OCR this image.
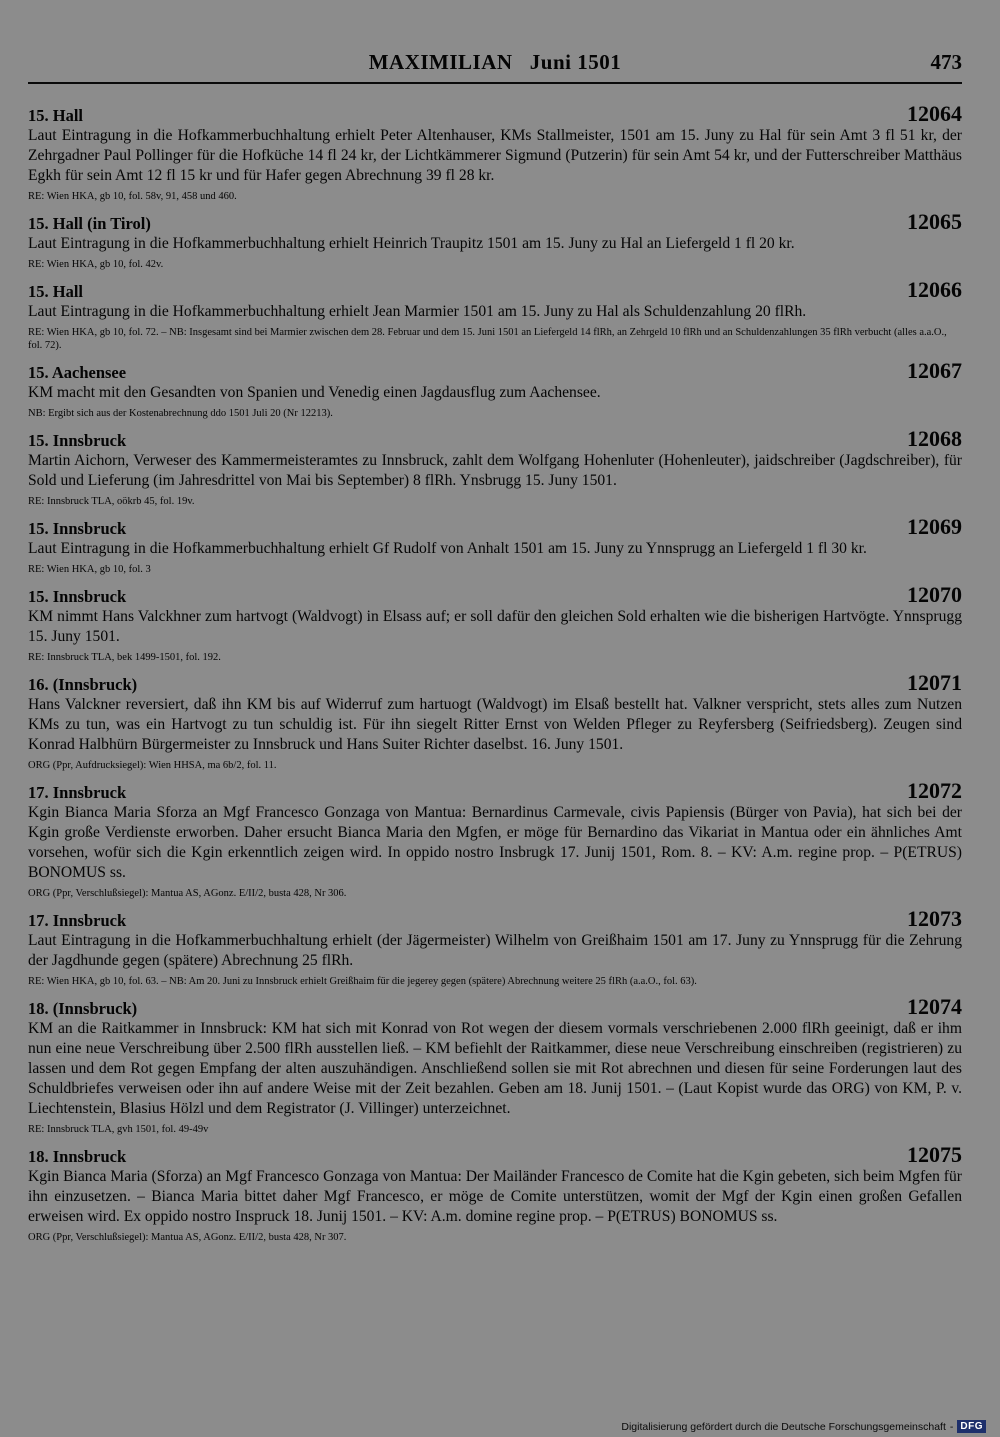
MAXIMILIAN   Juni 1501	473
15. Hall	12064
Laut Eintragung in die Hofkammerbuchhaltung erhielt Peter Altenhauser, KMs Stallmeister, 1501 am 15. Juny zu Hal für sein Amt 3 fl 51 kr, der Zehrgadner Paul Pollinger für die Hofküche 14 fl 24 kr, der Lichtkämmerer Sigmund (Putzerin) für sein Amt 54 kr, und der Futterschreiber Matthäus Egkh für sein Amt 12 fl 15 kr und für Hafer gegen Abrechnung 39 fl 28 kr.
RE: Wien HKA, gb 10, fol. 58v, 91, 458 und 460.
15. Hall (in Tirol)	12065
Laut Eintragung in die Hofkammerbuchhaltung erhielt Heinrich Traupitz 1501 am 15. Juny zu Hal an Liefergeld 1 fl 20 kr.
RE: Wien HKA, gb 10, fol. 42v.
15. Hall	12066
Laut Eintragung in die Hofkammerbuchhaltung erhielt Jean Marmier 1501 am 15. Juny zu Hal als Schuldenzahlung 20 flRh.
RE: Wien HKA, gb 10, fol. 72. – NB: Insgesamt sind bei Marmier zwischen dem 28. Februar und dem 15. Juni 1501 an Liefergeld 14 flRh, an Zehrgeld 10 flRh und an Schuldenzahlungen 35 flRh verbucht (alles a.a.O., fol. 72).
15. Aachensee	12067
KM macht mit den Gesandten von Spanien und Venedig einen Jagdausflug zum Aachensee.
NB: Ergibt sich aus der Kostenabrechnung ddo 1501 Juli 20 (Nr 12213).
15. Innsbruck	12068
Martin Aichorn, Verweser des Kammermeisteramtes zu Innsbruck, zahlt dem Wolfgang Hohenluter (Hohenleuter), jaidschreiber (Jagdschreiber), für Sold und Lieferung (im Jahresdrittel von Mai bis September) 8 flRh. Ynsbrugg 15. Juny 1501.
RE: Innsbruck TLA, oökrb 45, fol. 19v.
15. Innsbruck	12069
Laut Eintragung in die Hofkammerbuchhaltung erhielt Gf Rudolf von Anhalt 1501 am 15. Juny zu Ynnsprugg an Liefergeld 1 fl 30 kr.
RE: Wien HKA, gb 10, fol. 3
15. Innsbruck	12070
KM nimmt Hans Valckhner zum hartvogt (Waldvogt) in Elsass auf; er soll dafür den gleichen Sold erhalten wie die bisherigen Hartvögte. Ynnsprugg 15. Juny 1501.
RE: Innsbruck TLA, bek 1499-1501, fol. 192.
16. (Innsbruck)	12071
Hans Valckner reversiert, daß ihn KM bis auf Widerruf zum hartuogt (Waldvogt) im Elsaß bestellt hat. Valkner verspricht, stets alles zum Nutzen KMs zu tun, was ein Hartvogt zu tun schuldig ist. Für ihn siegelt Ritter Ernst von Welden Pfleger zu Reyfersberg (Seifriedsberg). Zeugen sind Konrad Halbhürn Bürgermeister zu Innsbruck und Hans Suiter Richter daselbst. 16. Juny 1501.
ORG (Ppr, Aufdrucksiegel): Wien HHSA, ma 6b/2, fol. 11.
17. Innsbruck	12072
Kgin Bianca Maria Sforza an Mgf Francesco Gonzaga von Mantua: Bernardinus Carmevale, civis Papiensis (Bürger von Pavia), hat sich bei der Kgin große Verdienste erworben. Daher ersucht Bianca Maria den Mgfen, er möge für Bernardino das Vikariat in Mantua oder ein ähnliches Amt vorsehen, wofür sich die Kgin erkenntlich zeigen wird. In oppido nostro Insbrugk 17. Junij 1501, Rom. 8. – KV: A.m. regine prop. – P(ETRUS) BONOMUS ss.
ORG (Ppr, Verschlußsiegel): Mantua AS, AGonz. E/II/2, busta 428, Nr 306.
17. Innsbruck	12073
Laut Eintragung in die Hofkammerbuchhaltung erhielt (der Jägermeister) Wilhelm von Greißhaim 1501 am 17. Juny zu Ynnsprugg für die Zehrung der Jagdhunde gegen (spätere) Abrechnung 25 flRh.
RE: Wien HKA, gb 10, fol. 63. – NB: Am 20. Juni zu Innsbruck erhielt Greißhaim für die jegerey gegen (spätere) Abrechnung weitere 25 flRh (a.a.O., fol. 63).
18. (Innsbruck)	12074
KM an die Raitkammer in Innsbruck: KM hat sich mit Konrad von Rot wegen der diesem vormals verschriebenen 2.000 flRh geeinigt, daß er ihm nun eine neue Verschreibung über 2.500 flRh ausstellen ließ. – KM befiehlt der Raitkammer, diese neue Verschreibung einschreiben (registrieren) zu lassen und dem Rot gegen Empfang der alten auszuhändigen. Anschließend sollen sie mit Rot abrechnen und diesen für seine Forderungen laut des Schuldbriefes verweisen oder ihn auf andere Weise mit der Zeit bezahlen. Geben am 18. Junij 1501. – (Laut Kopist wurde das ORG) von KM, P. v. Liechtenstein, Blasius Hölzl und dem Registrator (J. Villinger) unterzeichnet.
RE: Innsbruck TLA, gvh 1501, fol. 49-49v
18. Innsbruck	12075
Kgin Bianca Maria (Sforza) an Mgf Francesco Gonzaga von Mantua: Der Mailänder Francesco de Comite hat die Kgin gebeten, sich beim Mgfen für ihn einzusetzen. – Bianca Maria bittet daher Mgf Francesco, er möge de Comite unterstützen, womit der Mgf der Kgin einen großen Gefallen erweisen wird. Ex oppido nostro Inspruck 18. Junij 1501. – KV: A.m. domine regine prop. – P(ETRUS) BONOMUS ss.
ORG (Ppr, Verschlußsiegel): Mantua AS, AGonz. E/II/2, busta 428, Nr 307.
Digitalisierung gefördert durch die Deutsche Forschungsgemeinschaft - DFG
